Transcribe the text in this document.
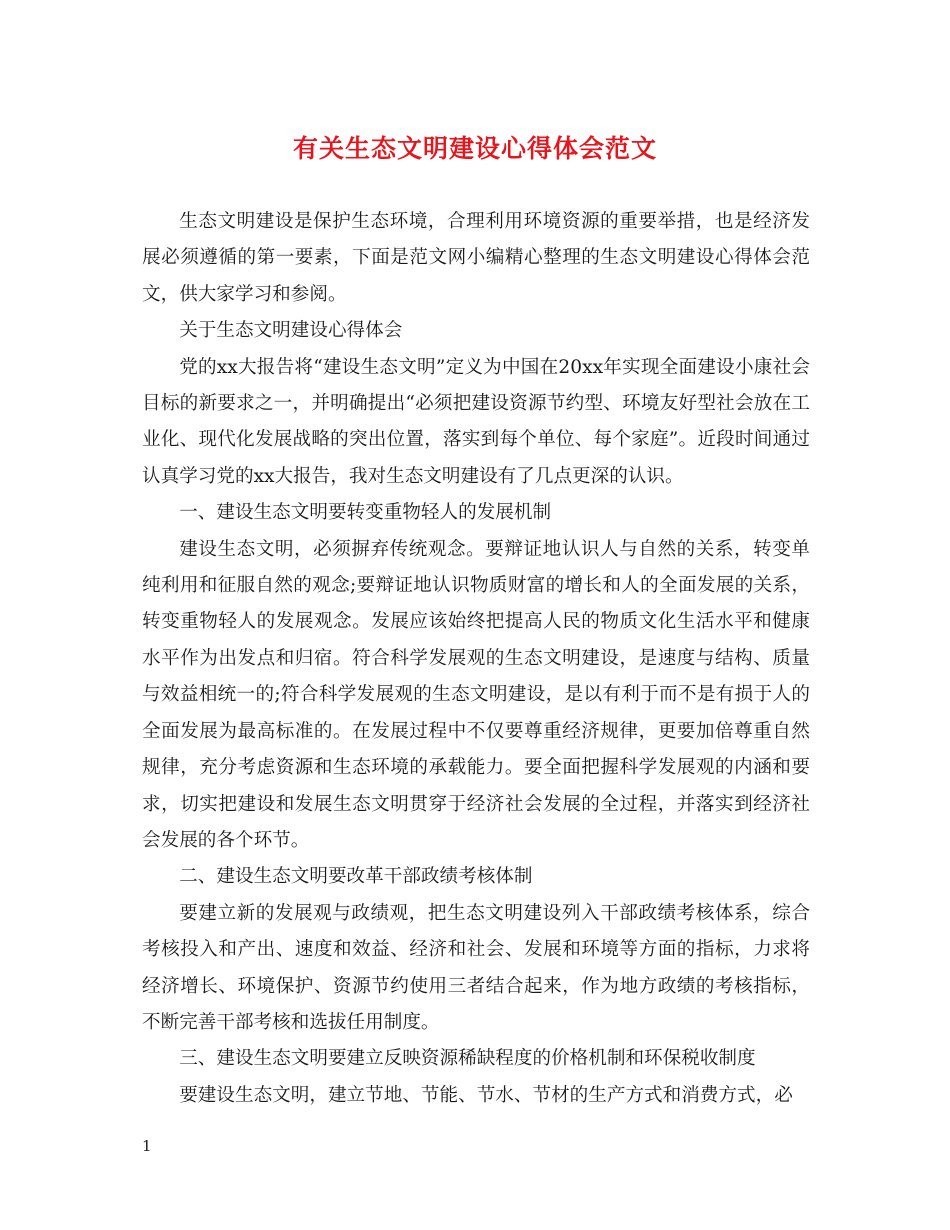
有关生态文明建设心得体会范文

生态文明建设是保护生态环境，合理利用环境资源的重要举措，也是经济发展必须遵循的第一要素，下面是范文网小编精心整理的生态文明建设心得体会范文，供大家学习和参阅。

关于生态文明建设心得体会

党的xx大报告将“建设生态文明”定义为中国在20xx年实现全面建设小康社会目标的新要求之一，并明确提出“必须把建设资源节约型、环境友好型社会放在工业化、现代化发展战略的突出位置，落实到每个单位、每个家庭”。近段时间通过认真学习党的xx大报告，我对生态文明建设有了几点更深的认识。

一、建设生态文明要转变重物轻人的发展机制

建设生态文明，必须摒弃传统观念。要辩证地认识人与自然的关系，转变单纯利用和征服自然的观念;要辩证地认识物质财富的增长和人的全面发展的关系，转变重物轻人的发展观念。发展应该始终把提高人民的物质文化生活水平和健康水平作为出发点和归宿。符合科学发展观的生态文明建设，是速度与结构、质量与效益相统一的;符合科学发展观的生态文明建设，是以有利于而不是有损于人的全面发展为最高标准的。在发展过程中不仅要尊重经济规律，更要加倍尊重自然规律，充分考虑资源和生态环境的承载能力。要全面把握科学发展观的内涵和要求，切实把建设和发展生态文明贯穿于经济社会发展的全过程，并落实到经济社会发展的各个环节。

二、建设生态文明要改革干部政绩考核体制

要建立新的发展观与政绩观，把生态文明建设列入干部政绩考核体系，综合考核投入和产出、速度和效益、经济和社会、发展和环境等方面的指标，力求将经济增长、环境保护、资源节约使用三者结合起来，作为地方政绩的考核指标，不断完善干部考核和选拔任用制度。

三、建设生态文明要建立反映资源稀缺程度的价格机制和环保税收制度

要建设生态文明，建立节地、节能、节水、节材的生产方式和消费方式，必

1
